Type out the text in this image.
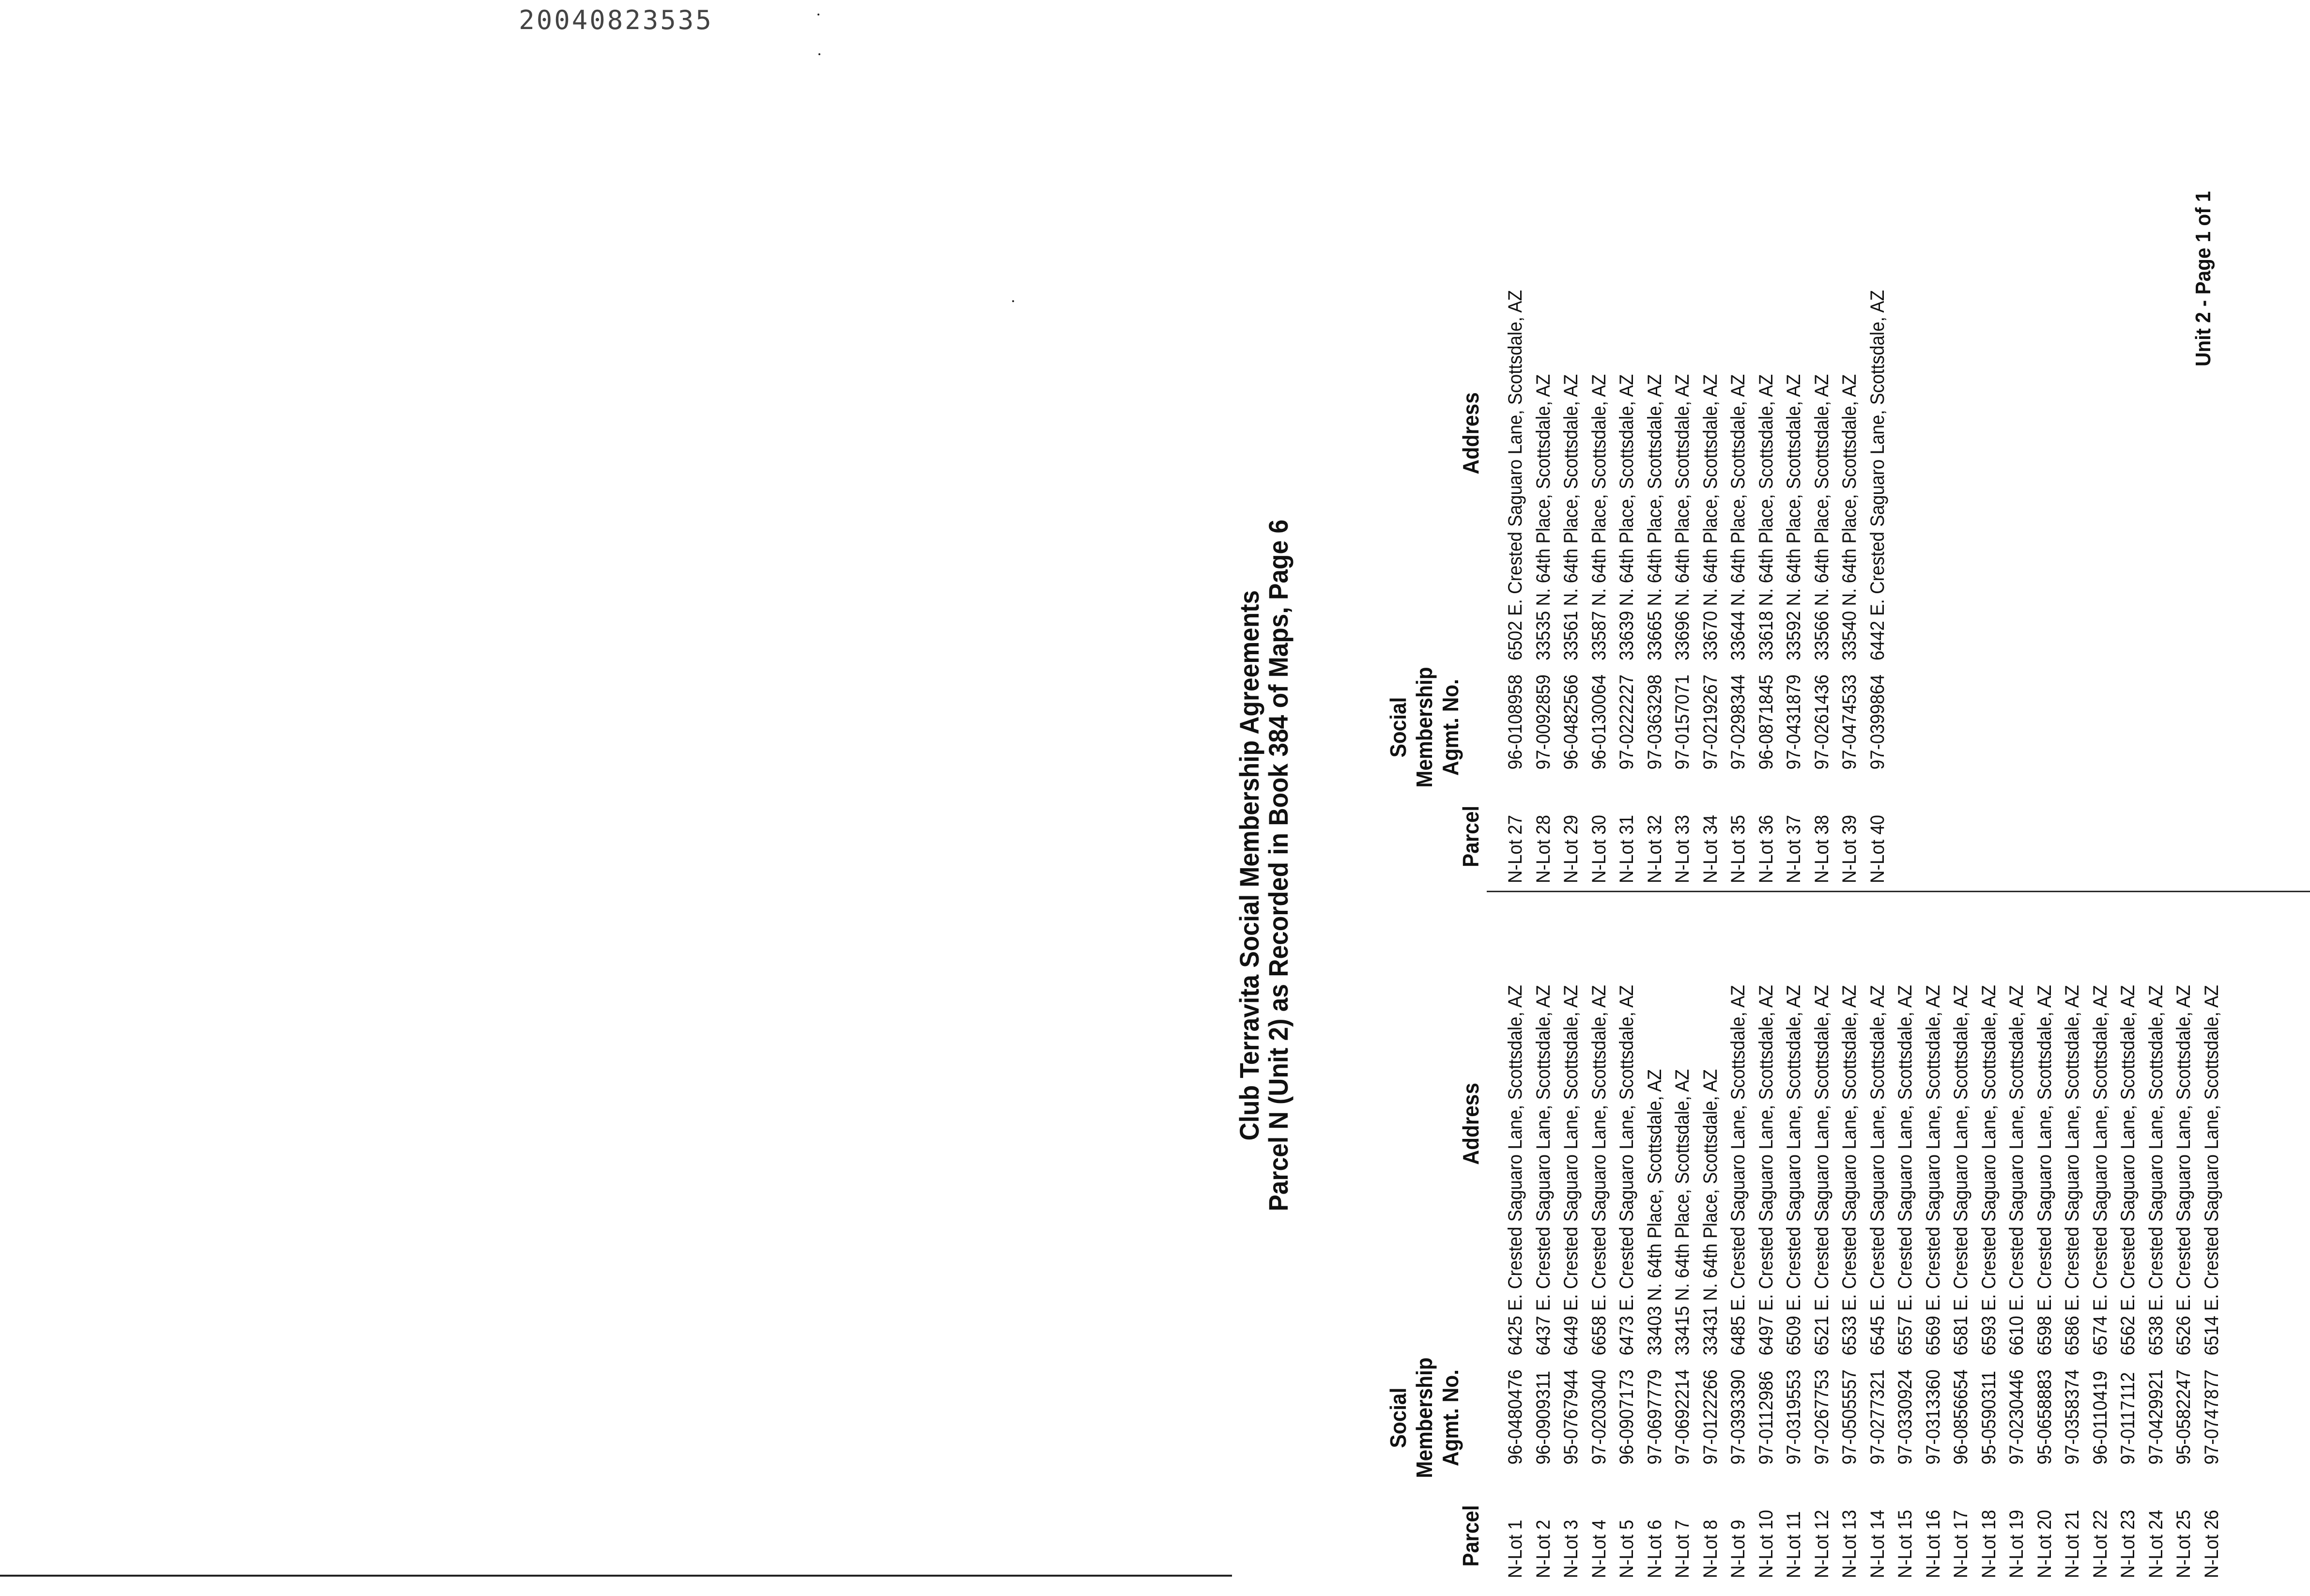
20040823535
Club Terravita Social Membership Agreements
Parcel N (Unit 2) as Recorded in Book 384 of Maps, Page 6
Parcel
Social Membership Agmt. No.
Address
Parcel
Social Membership Agmt. No.
Address
N-Lot 1
96-0480476
6425 E. Crested Saguaro Lane, Scottsdale, AZ
N-Lot 2
96-0909311
6437 E. Crested Saguaro Lane, Scottsdale, AZ
N-Lot 3
95-0767944
6449 E. Crested Saguaro Lane, Scottsdale, AZ
N-Lot 4
97-0203040
6658 E. Crested Saguaro Lane, Scottsdale, AZ
N-Lot 5
96-0907173
6473 E. Crested Saguaro Lane, Scottsdale, AZ
N-Lot 6
97-0697779
33403 N. 64th Place, Scottsdale, AZ
N-Lot 7
97-0692214
33415 N. 64th Place, Scottsdale, AZ
N-Lot 8
97-0122266
33431 N. 64th Place, Scottsdale, AZ
N-Lot 9
97-0393390
6485 E. Crested Saguaro Lane, Scottsdale, AZ
N-Lot 10
97-0112986
6497 E. Crested Saguaro Lane, Scottsdale, AZ
N-Lot 11
97-0319553
6509 E. Crested Saguaro Lane, Scottsdale, AZ
N-Lot 12
97-0267753
6521 E. Crested Saguaro Lane, Scottsdale, AZ
N-Lot 13
97-0505557
6533 E. Crested Saguaro Lane, Scottsdale, AZ
N-Lot 14
97-0277321
6545 E. Crested Saguaro Lane, Scottsdale, AZ
N-Lot 15
97-0330924
6557 E. Crested Saguaro Lane, Scottsdale, AZ
N-Lot 16
97-0313360
6569 E. Crested Saguaro Lane, Scottsdale, AZ
N-Lot 17
96-0856654
6581 E. Crested Saguaro Lane, Scottsdale, AZ
N-Lot 18
95-0590311
6593 E. Crested Saguaro Lane, Scottsdale, AZ
N-Lot 19
97-0230446
6610 E. Crested Saguaro Lane, Scottsdale, AZ
N-Lot 20
95-0658883
6598 E. Crested Saguaro Lane, Scottsdale, AZ
N-Lot 21
97-0358374
6586 E. Crested Saguaro Lane, Scottsdale, AZ
N-Lot 22
96-0110419
6574 E. Crested Saguaro Lane, Scottsdale, AZ
N-Lot 23
97-0117112
6562 E. Crested Saguaro Lane, Scottsdale, AZ
N-Lot 24
97-0429921
6538 E. Crested Saguaro Lane, Scottsdale, AZ
N-Lot 25
95-0582247
6526 E. Crested Saguaro Lane, Scottsdale, AZ
N-Lot 26
97-0747877
6514 E. Crested Saguaro Lane, Scottsdale, AZ
N-Lot 27
96-0108958
6502 E. Crested Saguaro Lane, Scottsdale, AZ
N-Lot 28
97-0092859
33535 N. 64th Place, Scottsdale, AZ
N-Lot 29
96-0482566
33561 N. 64th Place, Scottsdale, AZ
N-Lot 30
96-0130064
33587 N. 64th Place, Scottsdale, AZ
N-Lot 31
97-0222227
33639 N. 64th Place, Scottsdale, AZ
N-Lot 32
97-0363298
33665 N. 64th Place, Scottsdale, AZ
N-Lot 33
97-0157071
33696 N. 64th Place, Scottsdale, AZ
N-Lot 34
97-0219267
33670 N. 64th Place, Scottsdale, AZ
N-Lot 35
97-0298344
33644 N. 64th Place, Scottsdale, AZ
N-Lot 36
96-0871845
33618 N. 64th Place, Scottsdale, AZ
N-Lot 37
97-0431879
33592 N. 64th Place, Scottsdale, AZ
N-Lot 38
97-0261436
33566 N. 64th Place, Scottsdale, AZ
N-Lot 39
97-0474533
33540 N. 64th Place, Scottsdale, AZ
N-Lot 40
97-0399864
6442 E. Crested Saguaro Lane, Scottsdale, AZ
Unit 2 - Page 1 of 1
